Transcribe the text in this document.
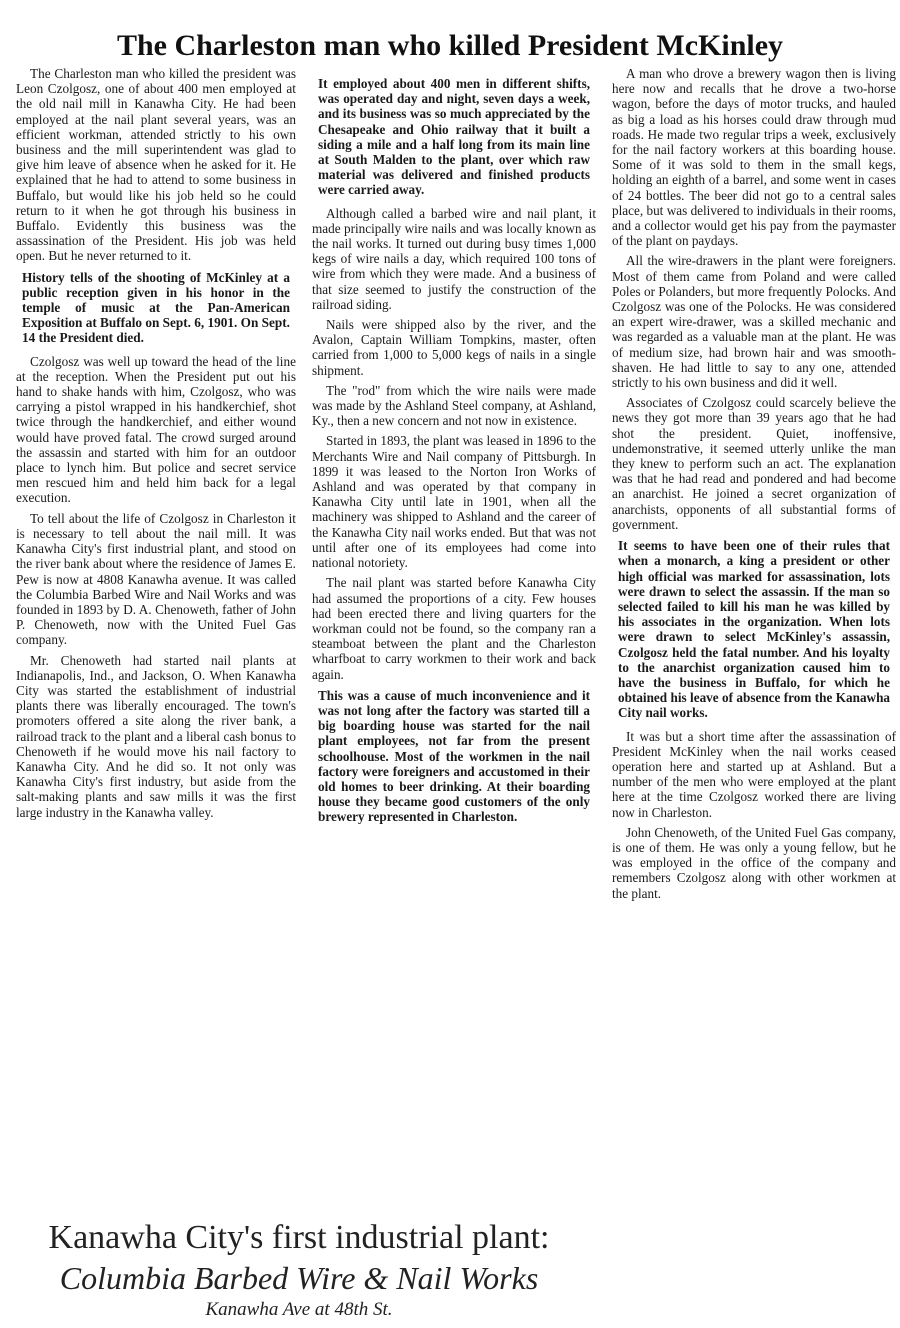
The Charleston man who killed President McKinley

The Charleston man who killed the president was Leon Czolgosz, one of about 400 men employed at the old nail mill in Kanawha City. He had been employed at the nail plant several years, was an efficient workman, attended strictly to his own business and the mill superintendent was glad to give him leave of absence when he asked for it. He explained that he had to attend to some business in Buffalo, but would like his job held so he could return to it when he got through his business in Buffalo. Evidently this business was the assassination of the President. His job was held open. But he never returned to it.

History tells of the shooting of McKinley at a public reception given in his honor in the temple of music at the Pan-American Exposition at Buffalo on Sept. 6, 1901. On Sept. 14 the President died.

Czolgosz was well up toward the head of the line at the reception. When the President put out his hand to shake hands with him, Czolgosz, who was carrying a pistol wrapped in his handkerchief, shot twice through the handkerchief, and either wound would have proved fatal. The crowd surged around the assassin and started with him for an outdoor place to lynch him. But police and secret service men rescued him and held him back for a legal execution.

To tell about the life of Czolgosz in Charleston it is necessary to tell about the nail mill. It was Kanawha City's first industrial plant, and stood on the river bank about where the residence of James E. Pew is now at 4808 Kanawha avenue. It was called the Columbia Barbed Wire and Nail Works and was founded in 1893 by D. A. Chenoweth, father of John P. Chenoweth, now with the United Fuel Gas company.

Mr. Chenoweth had started nail plants at Indianapolis, Ind., and Jackson, O. When Kanawha City was started the establishment of industrial plants there was liberally encouraged. The town's promoters offered a site along the river bank, a railroad track to the plant and a liberal cash bonus to Chenoweth if he would move his nail factory to Kanawha City. And he did so. It not only was Kanawha City's first industry, but aside from the salt-making plants and saw mills it was the first large industry in the Kanawha valley.

It employed about 400 men in different shifts, was operated day and night, seven days a week, and its business was so much appreciated by the Chesapeake and Ohio railway that it built a siding a mile and a half long from its main line at South Malden to the plant, over which raw material was delivered and finished products were carried away.

Although called a barbed wire and nail plant, it made principally wire nails and was locally known as the nail works. It turned out during busy times 1,000 kegs of wire nails a day, which required 100 tons of wire from which they were made. And a business of that size seemed to justify the construction of the railroad siding.

Nails were shipped also by the river, and the Avalon, Captain William Tompkins, master, often carried from 1,000 to 5,000 kegs of nails in a single shipment.

The "rod" from which the wire nails were made was made by the Ashland Steel company, at Ashland, Ky., then a new concern and not now in existence.

Started in 1893, the plant was leased in 1896 to the Merchants Wire and Nail company of Pittsburgh. In 1899 it was leased to the Norton Iron Works of Ashland and was operated by that company in Kanawha City until late in 1901, when all the machinery was shipped to Ashland and the career of the Kanawha City nail works ended. But that was not until after one of its employees had come into national notoriety.

The nail plant was started before Kanawha City had assumed the proportions of a city. Few houses had been erected there and living quarters for the workman could not be found, so the company ran a steamboat between the plant and the Charleston wharfboat to carry workmen to their work and back again.

This was a cause of much inconvenience and it was not long after the factory was started till a big boarding house was started for the nail plant employees, not far from the present schoolhouse. Most of the workmen in the nail factory were foreigners and accustomed in their old homes to beer drinking. At their boarding house they became good customers of the only brewery represented in Charleston.

A man who drove a brewery wagon then is living here now and recalls that he drove a two-horse wagon, before the days of motor trucks, and hauled as big a load as his horses could draw through mud roads. He made two regular trips a week, exclusively for the nail factory workers at this boarding house. Some of it was sold to them in the small kegs, holding an eighth of a barrel, and some went in cases of 24 bottles. The beer did not go to a central sales place, but was delivered to individuals in their rooms, and a collector would get his pay from the paymaster of the plant on paydays.

All the wire-drawers in the plant were foreigners. Most of them came from Poland and were called Poles or Polanders, but more frequently Polocks. And Czolgosz was one of the Polocks. He was considered an expert wire-drawer, was a skilled mechanic and was regarded as a valuable man at the plant. He was of medium size, had brown hair and was smooth-shaven. He had little to say to any one, attended strictly to his own business and did it well.

Associates of Czolgosz could scarcely believe the news they got more than 39 years ago that he had shot the president. Quiet, inoffensive, undemonstrative, it seemed utterly unlike the man they knew to perform such an act. The explanation was that he had read and pondered and had become an anarchist. He joined a secret organization of anarchists, opponents of all substantial forms of government.

It seems to have been one of their rules that when a monarch, a king a president or other high official was marked for assassination, lots were drawn to select the assassin. If the man so selected failed to kill his man he was killed by his associates in the organization. When lots were drawn to select McKinley's assassin, Czolgosz held the fatal number. And his loyalty to the anarchist organization caused him to have the business in Buffalo, for which he obtained his leave of absence from the Kanawha City nail works.

It was but a short time after the assassination of President McKinley when the nail works ceased operation here and started up at Ashland. But a number of the men who were employed at the plant here at the time Czolgosz worked there are living now in Charleston.

John Chenoweth, of the United Fuel Gas company, is one of them. He was only a young fellow, but he was employed in the office of the company and remembers Czolgosz along with other workmen at the plant.

Kanawha City's first industrial plant:
Columbia Barbed Wire & Nail Works
Kanawha Ave at 48th St.
